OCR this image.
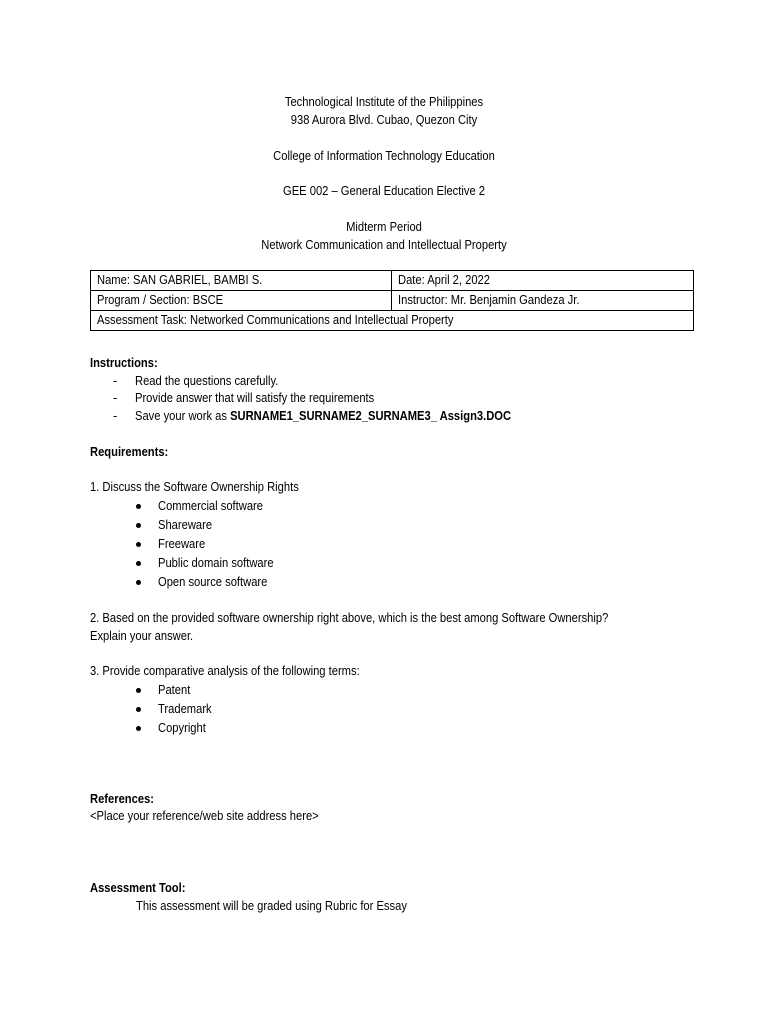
Technological Institute of the Philippines
938 Aurora Blvd. Cubao, Quezon City
College of Information Technology Education
GEE 002 – General Education Elective 2
Midterm Period
Network Communication and Intellectual Property
Name: SAN GABRIEL, BAMBI S.	Date: April 2, 2022
Program / Section: BSCE	Instructor: Mr. Benjamin Gandeza Jr.
Assessment Task: Networked Communications and Intellectual Property	
Instructions:
- Read the questions carefully.
- Provide answer that will satisfy the requirements
- Save your work as SURNAME1_SURNAME2_SURNAME3_ Assign3.DOC
Requirements:
1. Discuss the Software Ownership Rights
Commercial software
Shareware
Freeware
Public domain software
Open source software
2. Based on the provided software ownership right above, which is the best among Software Ownership?
Explain your answer.
3. Provide comparative analysis of the following terms:
Patent
Trademark
Copyright
References:
<Place your reference/web site address here>
Assessment Tool:
This assessment will be graded using Rubric for Essay
